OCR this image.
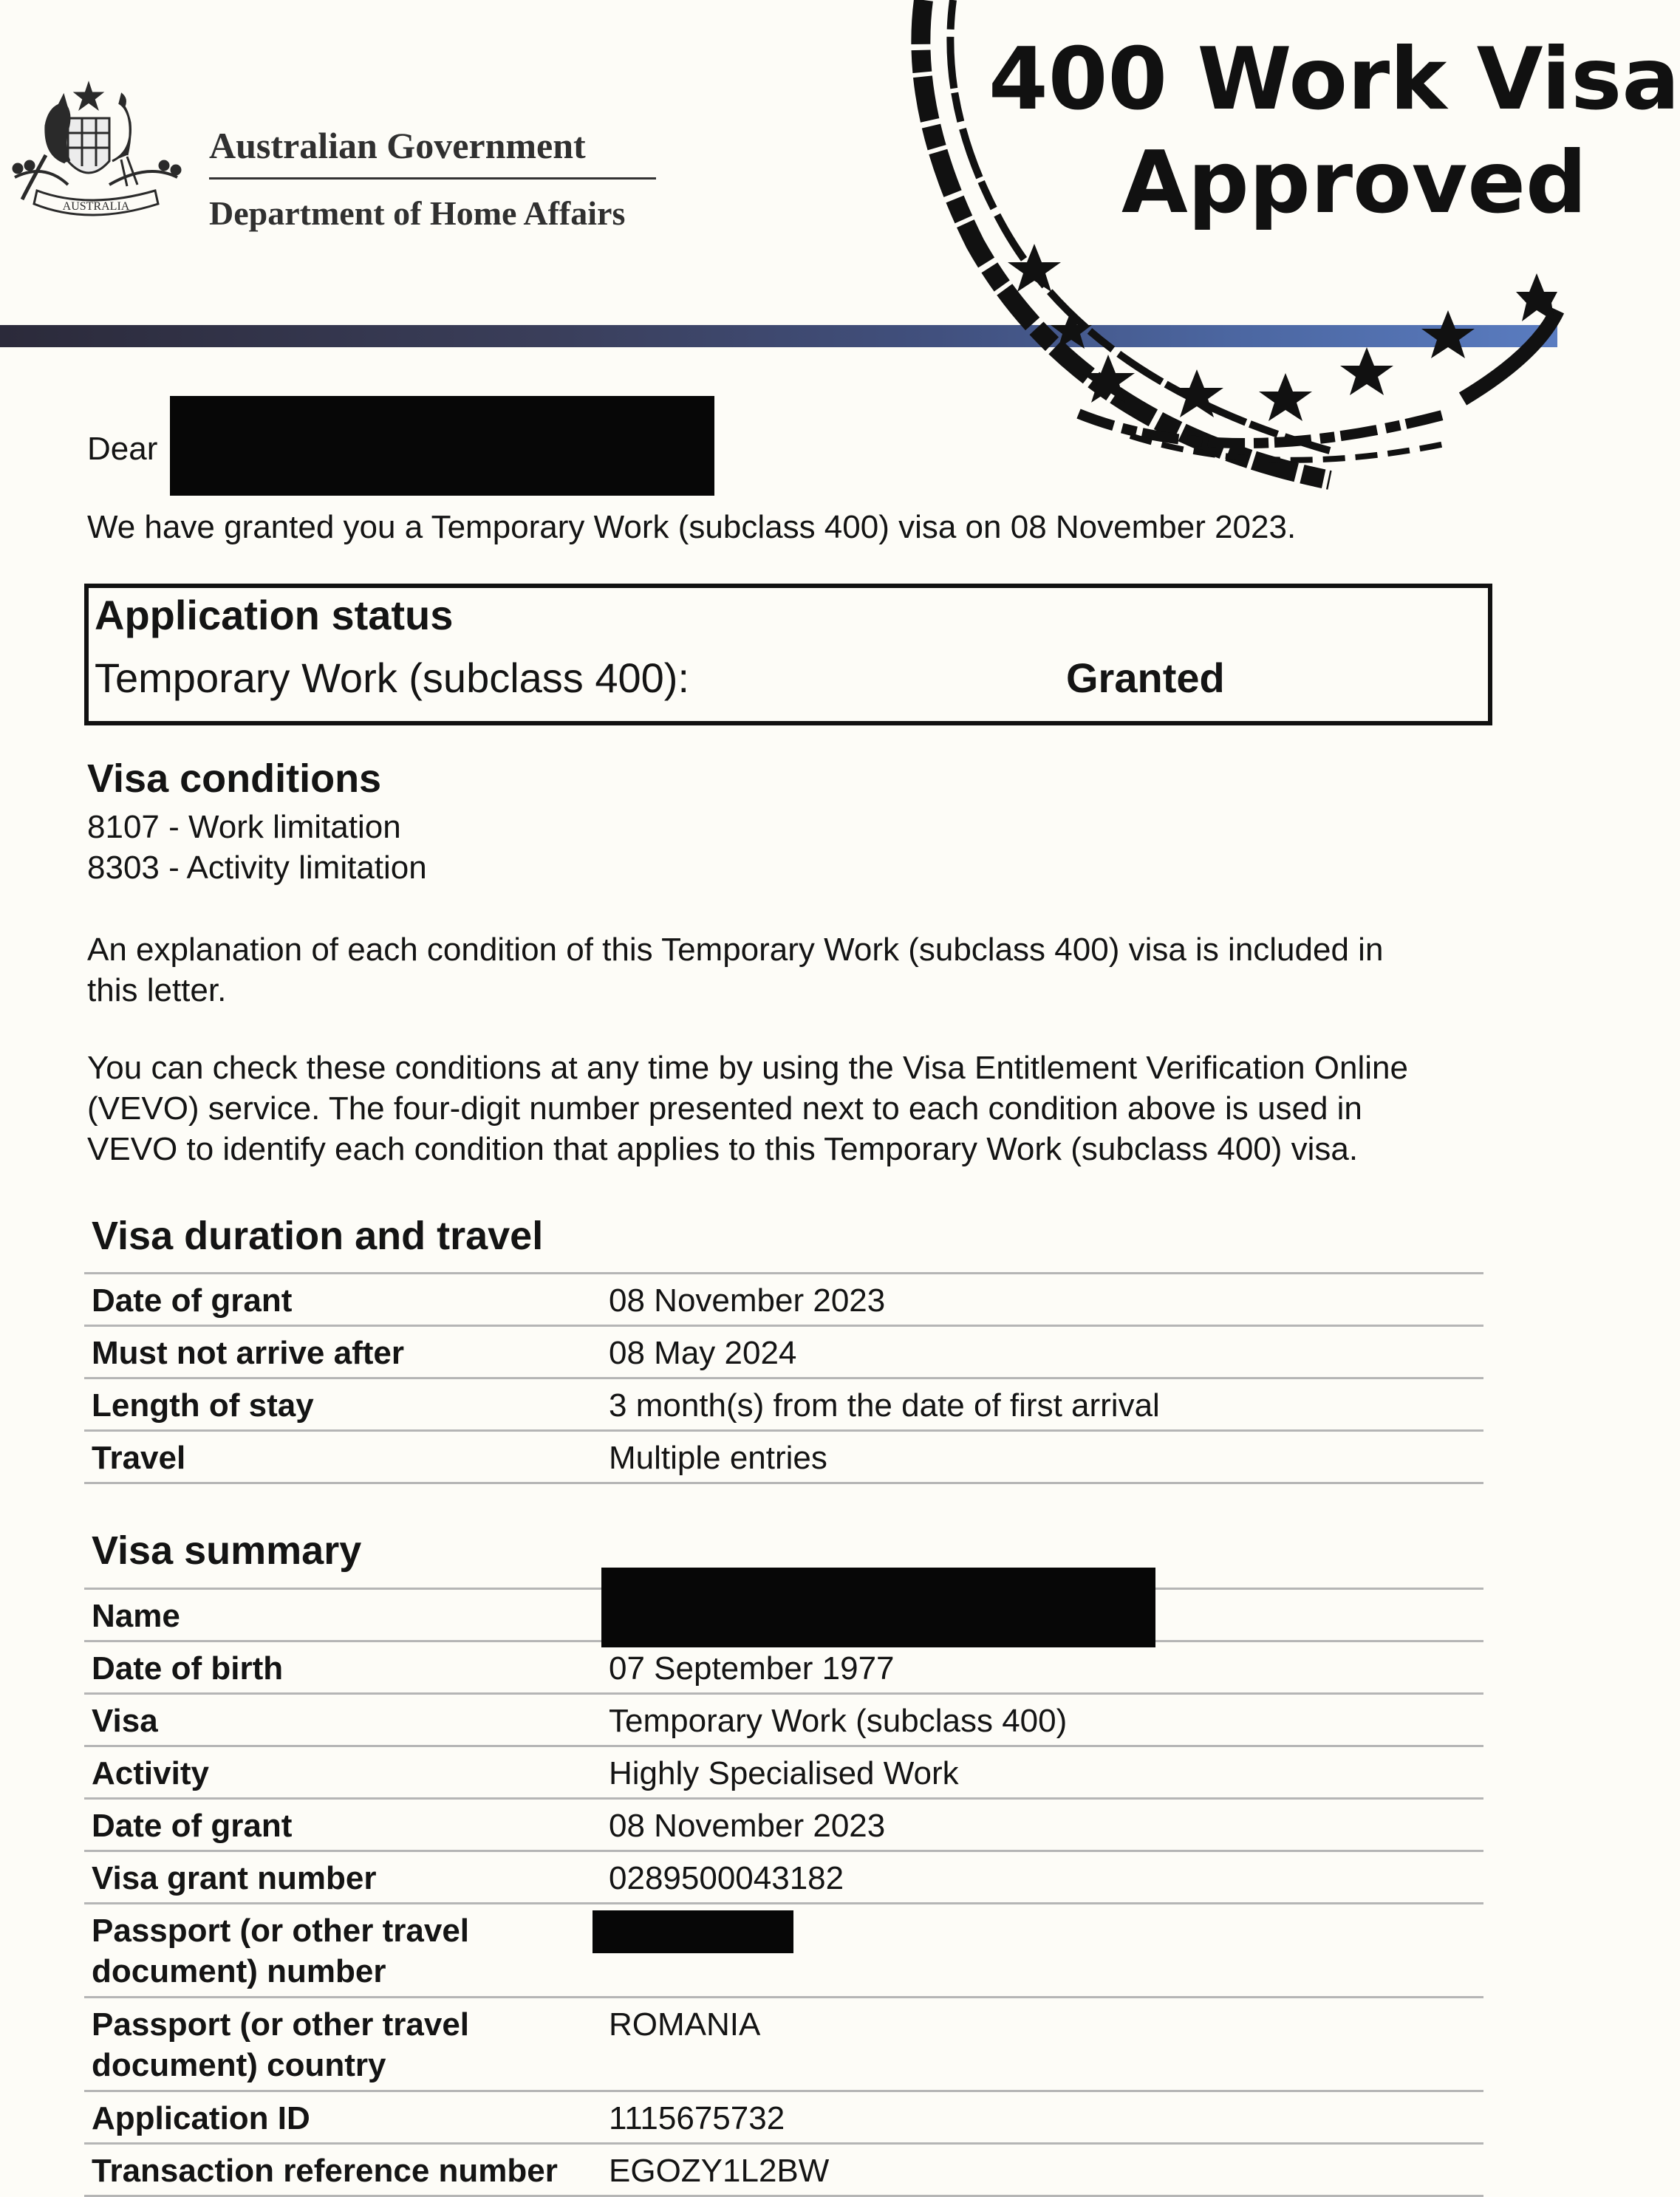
AUSTRALIA
Australian Government
Department of Home Affairs
400 Work Visa
Approved
Dear
We have granted you a Temporary Work (subclass 400) visa on 08 November 2023.
Application status
Temporary Work (subclass 400):	Granted
Visa conditions
8107 - Work limitation
8303 - Activity limitation
An explanation of each condition of this Temporary Work (subclass 400) visa is included in
this letter.
You can check these conditions at any time by using the Visa Entitlement Verification Online
(VEVO) service. The four-digit number presented next to each condition above is used in
VEVO to identify each condition that applies to this Temporary Work (subclass 400) visa.
Visa duration and travel
Date of grant	08 November 2023

Must not arrive after	08 May 2024

Length of stay	3 month(s) from the date of first arrival

Travel	Multiple entries
Visa summary
Name	

Date of birth	07 September 1977

Visa	Temporary Work (subclass 400)

Activity	Highly Specialised Work

Date of grant	08 November 2023

Visa grant number	0289500043182

Passport (or other travel
document) number	

Passport (or other travel
document) country	ROMANIA

Application ID	1115675732

Transaction reference number	EGOZY1L2BW
